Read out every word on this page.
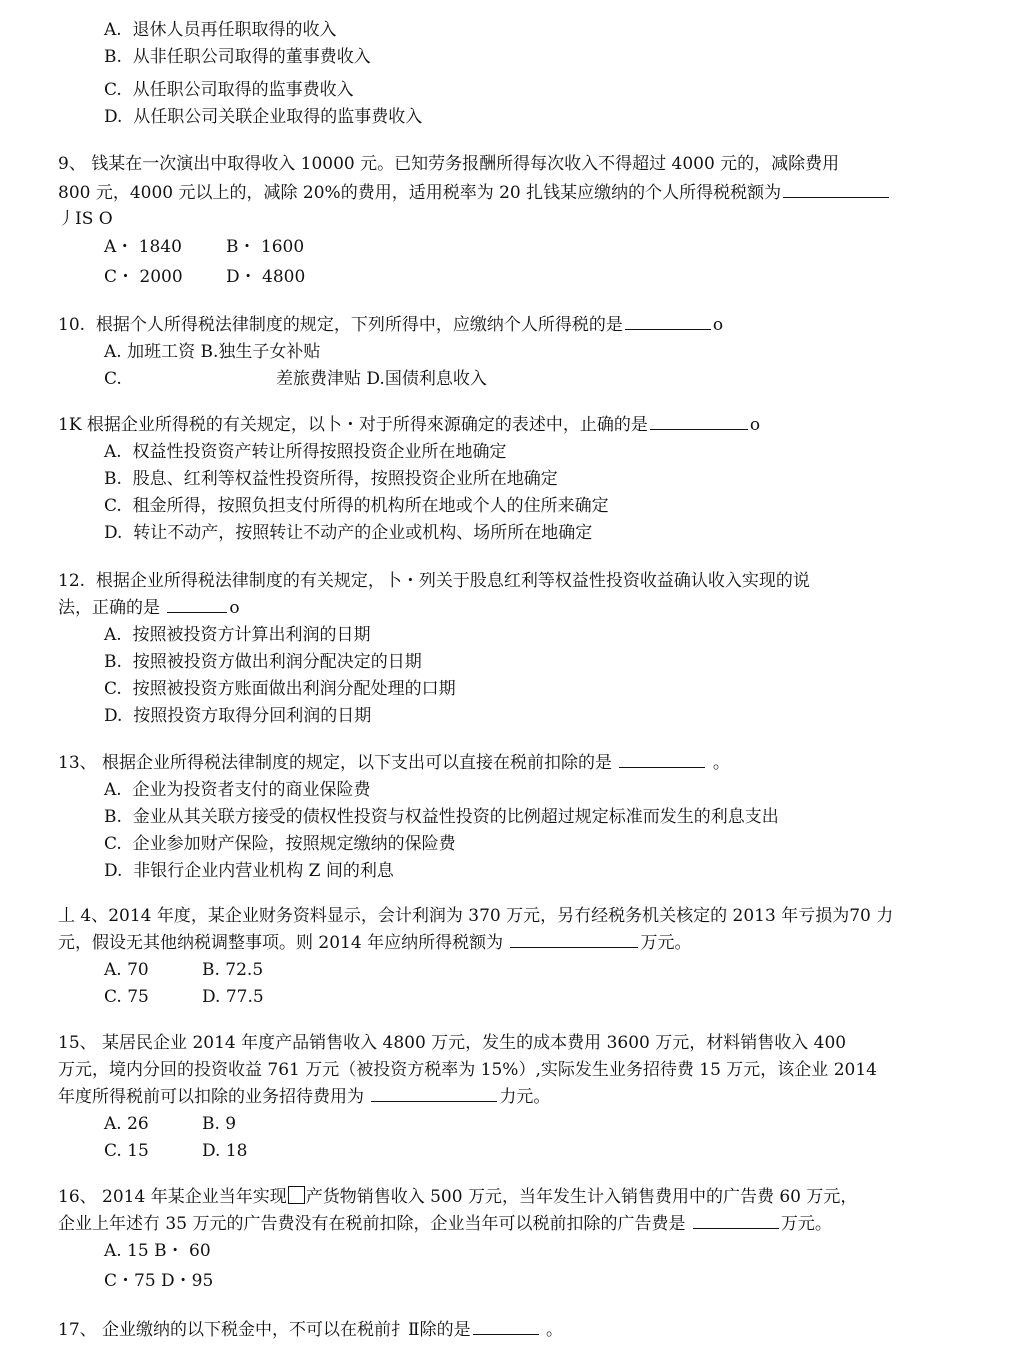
A.  退休人员再任职取得的收入
B.  从非任职公司取得的董事费收入
C.  从任职公司取得的监事费收入
D.  从任职公司关联企业取得的监事费收入
9、 钱某在一次演出中取得收入 10000 元。已知劳务报酬所得每次收入不得超过 4000 元的，减除费用
800 元，4000 元以上的，减除 20%的费用，适用税率为 20 扎钱某应缴纳的个人所得税税额为
丿IS O
A・ 1840	B・ 1600
C・ 2000	D・ 4800
10.  根据个人所得税法律制度的规定，下列所得中，应缴纳个人所得税的是	o
A. 加班工资 B.独生子女补贴
C.	差旅费津贴 D.国债利息收入
1K 根据企业所得税的有关规定，以卜・对于所得來源确定的表述中，止确的是	o
A.  权益性投资资产转让所得按照投资企业所在地确定
B.  股息、红利等权益性投资所得，按照投资企业所在地确定
C.  租金所得，按照负担支付所得的机构所在地或个人的住所来确定
D.  转让不动产，按照转让不动产的企业或机构、场所所在地确定
12.  根据企业所得税法律制度的有关规定，卜・列关于股息红利等权益性投资收益确认收入实现的说
法，正确的是	o
A.  按照被投资方计算出利润的日期
B.  按照被投资方做出利润分配决定的日期
C.  按照被投资方账面做出利润分配处理的口期
D.  按照投资方取得分回利润的日期
13、 根据企业所得税法律制度的规定，以下支出可以直接在税前扣除的是	。
A.  企业为投资者支付的商业保险费
B.  金业从其关联方接受的债权性投资与权益性投资的比例超过规定标准而发生的利息支出
C.  企业参加财产保险，按照规定缴纳的保险费
D.  非银行企业内营业机构 Z 间的利息
丄 4、2014 年度，某企业财务资料显示，会计利润为 370 万元，另冇经税务机关核定的 2013 年亏损为70 力
元，假设无其他纳税调整事项。则 2014 年应纳所得税额为	万元。
A. 70	B. 72.5
C. 75	D. 77.5
15、 某居民企业 2014 年度产品销售收入 4800 万元，发生的成本费用 3600 万元，材料销售收入 400
万元，境内分回的投资收益 761 万元（被投资方税率为 15%）,实际发生业务招待费 15 万元，该企业 2014
年度所得税前可以扣除的业务招待费用为	力元。
A. 26	B. 9
C. 15	D. 18
16、 2014 年某企业当年实现 产货物销售收入 500 万元，当年发生计入销售费用中的广告费 60 万元，
企业上年述冇 35 万元的广告费没有在税前扣除，企业当年可以税前扣除的广告费是	万元。
A. 15 B・ 60
C・75 D・95
17、 企业缴纳的以下税金中，不可以在税前扌Ⅱ除的是	。
